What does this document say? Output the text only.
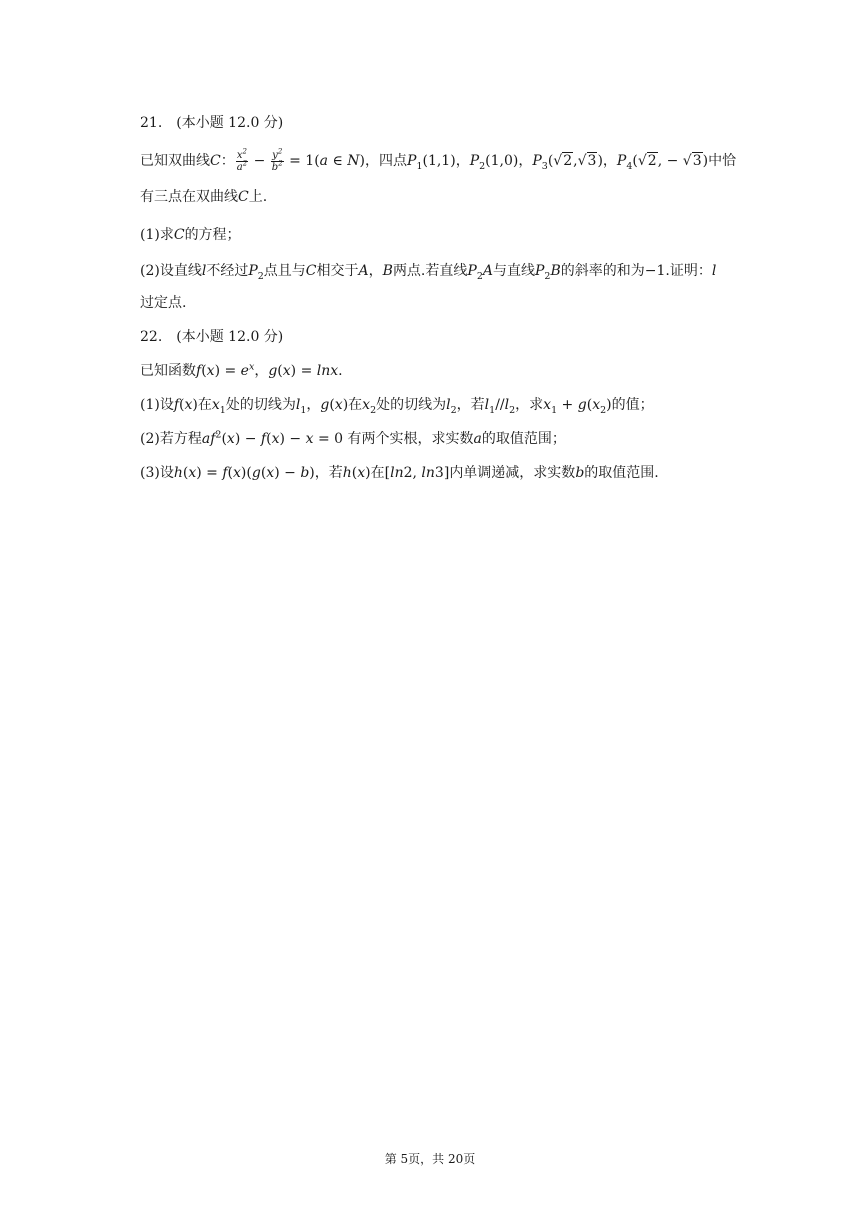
21.　(本小题 12.0 分)
已知双曲线C： $\frac{x^2}{a^2} - \frac{y^2}{b^2} = 1(a$ ∈ N)，四点$P_1(1,1)$，$P_2(1,0)$，$P_3(√2,√3)$，$P_4(√2$, − √3)中恰
有三点在双曲线C上.
(1)求C的方程；
(2)设直线l不经过$P_2$点且与C相交于A，B两点.若直线$P_2A$与直线$P_2B$的斜率的和为−1.证明：l
过定点.
22.　(本小题 12.0 分)
已知函数$f(x) = e^x$，g(x) = lnx.
(1)设f(x)在$x_1$处的切线为$l_1$，g(x)在$x_2$处的切线为$l_2$，若$l_1//l_2$，求$x_1 + g(x_2)$的值；
(2)若方程$af^2(x) - f(x) - x = 0$ 有两个实根，求实数a的取值范围；
(3)设h(x) = f(x)(g(x) − b)，若h(x)在[ln2, ln3]内单调递减，求实数b的取值范围.
第 5页，共 20页
